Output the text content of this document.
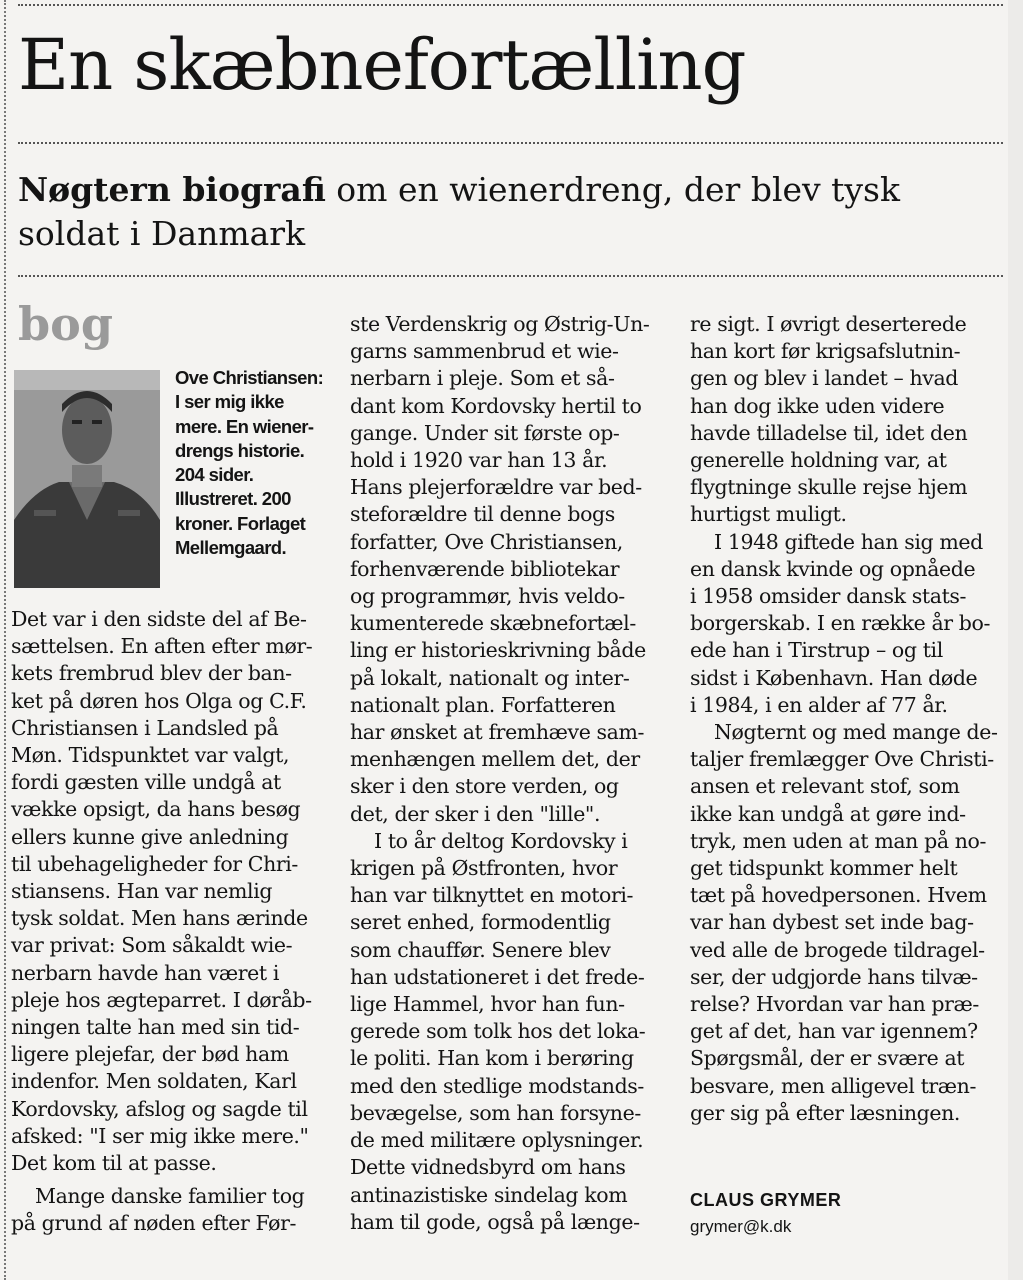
En skæbnefortælling
Nøgtern biografi om en wienerdreng, der blev tysk soldat i Danmark
bog
Ove Christiansen:
I ser mig ikke
mere. En wiener-
drengs historie.
204 sider.
Illustreret. 200
kroner. Forlaget
Mellemgaard.
Det var i den sidste del af Be-
sættelsen. En aften efter mør-
kets frembrud blev der ban-
ket på døren hos Olga og C.F.
Christiansen i Landsled på
Møn. Tidspunktet var valgt,
fordi gæsten ville undgå at
vække opsigt, da hans besøg
ellers kunne give anledning
til ubehageligheder for Chri-
stiansens. Han var nemlig
tysk soldat. Men hans ærinde
var privat: Som såkaldt wie-
nerbarn havde han været i
pleje hos ægteparret. I døråb-
ningen talte han med sin tid-
ligere plejefar, der bød ham
indenfor. Men soldaten, Karl
Kordovsky, afslog og sagde til
afsked: "I ser mig ikke mere."
Det kom til at passe.
Mange danske familier tog
på grund af nøden efter Før-
ste Verdenskrig og Østrig-Un-
garns sammenbrud et wie-
nerbarn i pleje. Som et så-
dant kom Kordovsky hertil to
gange. Under sit første op-
hold i 1920 var han 13 år.
Hans plejerforældre var bed-
steforældre til denne bogs
forfatter, Ove Christiansen,
forhenværende bibliotekar
og programmør, hvis veldo-
kumenterede skæbnefortæl-
ling er historieskrivning både
på lokalt, nationalt og inter-
nationalt plan. Forfatteren
har ønsket at fremhæve sam-
menhængen mellem det, der
sker i den store verden, og
det, der sker i den "lille".
I to år deltog Kordovsky i
krigen på Østfronten, hvor
han var tilknyttet en motori-
seret enhed, formodentlig
som chauffør. Senere blev
han udstationeret i det frede-
lige Hammel, hvor han fun-
gerede som tolk hos det loka-
le politi. Han kom i berøring
med den stedlige modstands-
bevægelse, som han forsyne-
de med militære oplysninger.
Dette vidnedsbyrd om hans
antinazistiske sindelag kom
ham til gode, også på længe-
re sigt. I øvrigt deserterede
han kort før krigsafslutnin-
gen og blev i landet – hvad
han dog ikke uden videre
havde tilladelse til, idet den
generelle holdning var, at
flygtninge skulle rejse hjem
hurtigst muligt.
I 1948 giftede han sig med
en dansk kvinde og opnåede
i 1958 omsider dansk stats-
borgerskab. I en række år bo-
ede han i Tirstrup – og til
sidst i København. Han døde
i 1984, i en alder af 77 år.
Nøgternt og med mange de-
taljer fremlægger Ove Christi-
ansen et relevant stof, som
ikke kan undgå at gøre ind-
tryk, men uden at man på no-
get tidspunkt kommer helt
tæt på hovedpersonen. Hvem
var han dybest set inde bag-
ved alle de brogede tildragel-
ser, der udgjorde hans tilvæ-
relse? Hvordan var han præ-
get af det, han var igennem?
Spørgsmål, der er svære at
besvare, men alligevel træn-
ger sig på efter læsningen.
CLAUS GRYMER
grymer@k.dk
